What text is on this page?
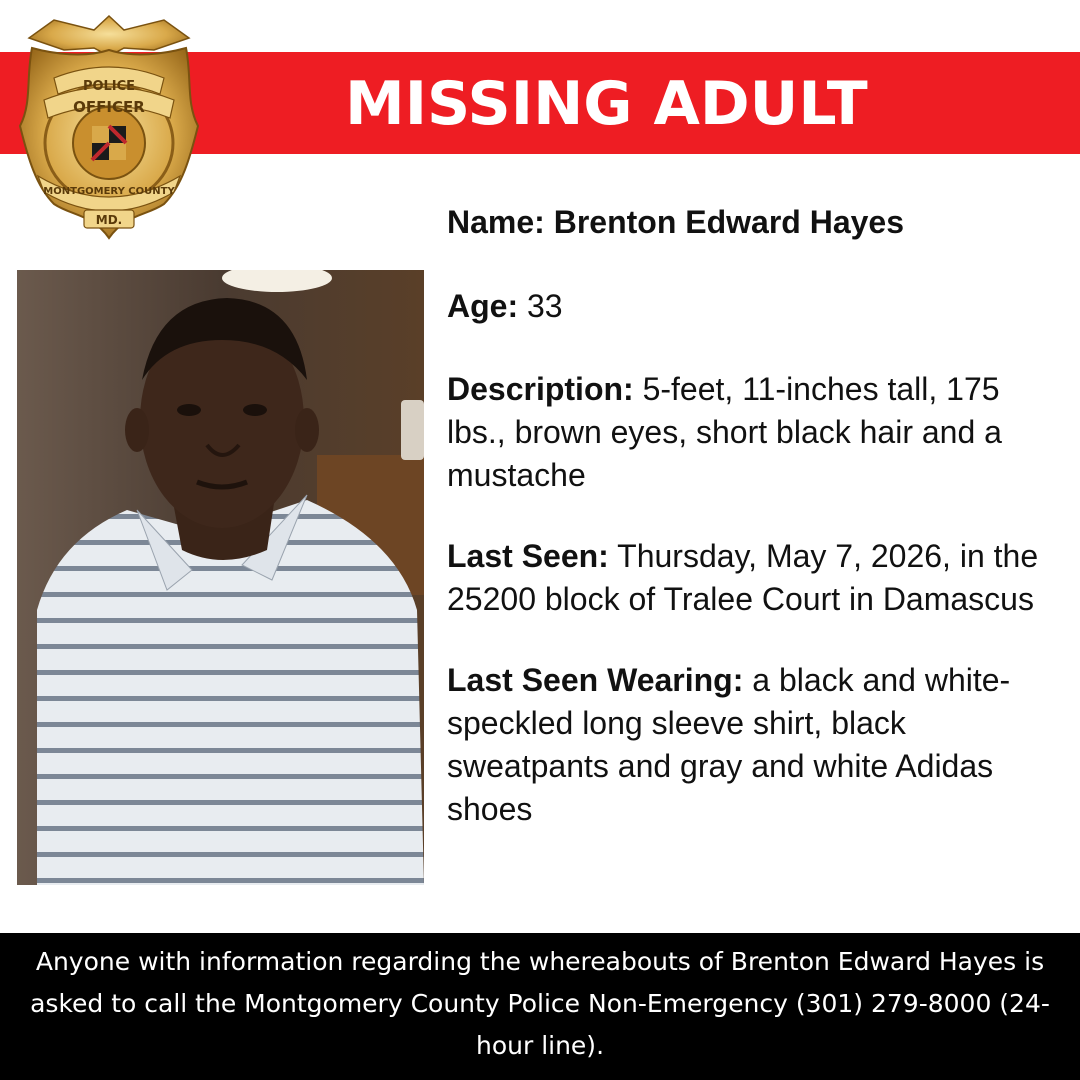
MISSING ADULT
POLICE
OFFICER
MONTGOMERY COUNTY
MD.	Name: Brenton Edward Hayes

Age: 33

Description: 5-feet, 11-inches tall, 175 lbs., brown eyes, short black hair and a mustache

Last Seen: Thursday, May 7, 2026, in the 25200 block of Tralee Court in Damascus

Last Seen Wearing: a black and white-speckled long sleeve shirt, black sweatpants and gray and white Adidas shoes

Anyone with information regarding the whereabouts of Brenton Edward Hayes is asked to call the Montgomery County Police Non-Emergency (301) 279-8000 (24-hour line).
